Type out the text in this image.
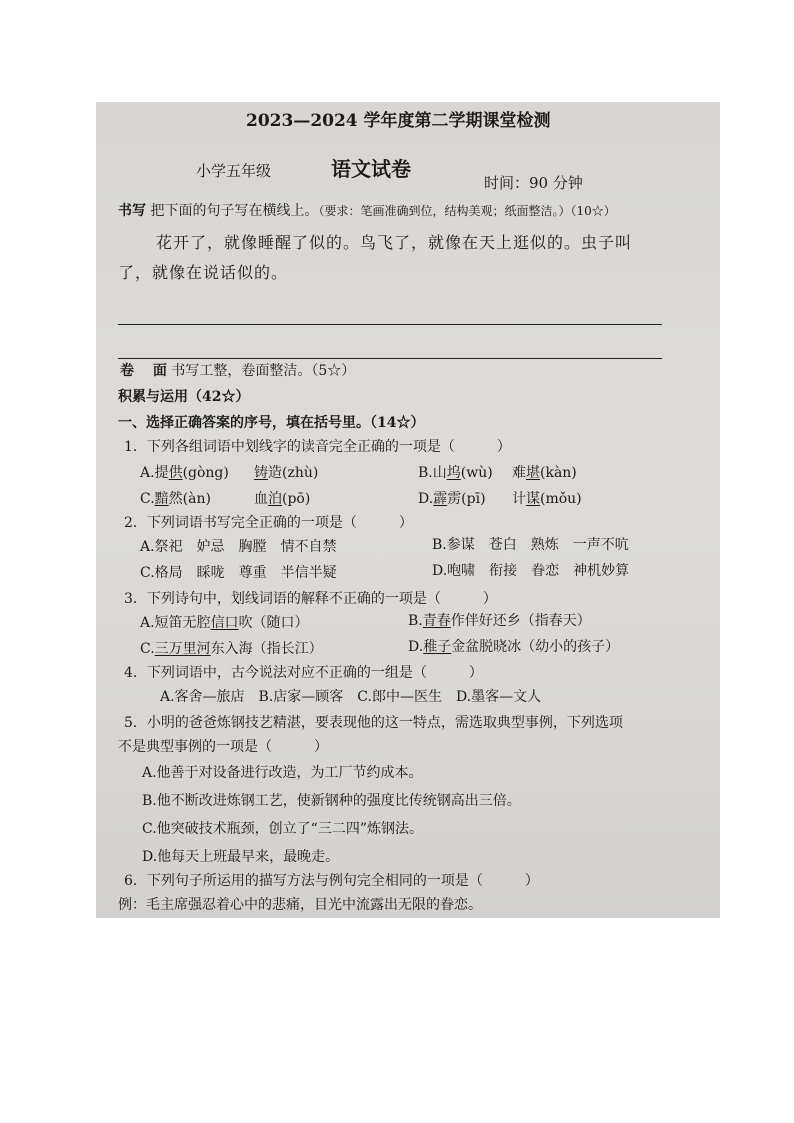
2023—2024 学年度第二学期课堂检测
小学五年级	语文试卷
时间：90 分钟
书写 把下面的句子写在横线上。（要求：笔画准确到位，结构美观；纸面整洁。）（10☆）
花开了，就像睡醒了似的。鸟飞了，就像在天上逛似的。虫子叫
了，就像在说话似的。
卷　 面 书写工整，卷面整洁。（5☆）
积累与运用（42☆）
一、选择正确答案的序号，填在括号里。（14☆）
1．下列各组词语中划线字的读音完全正确的一项是（　　　）
A.提供(gòng) 铸造(zhù)	B.山坞(wù) 难堪(kàn)
C.黯然(àn)	血泊(pō)	D.霹雳(pī) 计谋(mǒu)
2．下列词语书写完全正确的一项是（　　　）
A.祭祀　妒忌　胸膛　情不自禁	B.参谋　苍白　熟炼　一声不吭
C.格局　睬咙　尊重　半信半疑	D.咆啸　衔接　眷恋　神机妙算
3．下列诗句中，划线词语的解释不正确的一项是（　　　）
A.短笛无腔信口吹（随口）	B.青春作伴好还乡（指春天）
C.三万里河东入海（指长江）	D.稚子金盆脱晓冰（幼小的孩子）
4．下列词语中，古今说法对应不正确的一组是（　　　）
A.客舍—旅店　B.店家—顾客　C.郎中—医生　D.墨客—文人
5．小明的爸爸炼钢技艺精湛，要表现他的这一特点，需选取典型事例，下列选项
不是典型事例的一项是（　　　）
A.他善于对设备进行改造，为工厂节约成本。
B.他不断改进炼钢工艺，使新钢种的强度比传统钢高出三倍。
C.他突破技术瓶颈，创立了“三二四”炼钢法。
D.他每天上班最早来，最晚走。
6．下列句子所运用的描写方法与例句完全相同的一项是（　　　）
例：毛主席强忍着心中的悲痛，目光中流露出无限的眷恋。
